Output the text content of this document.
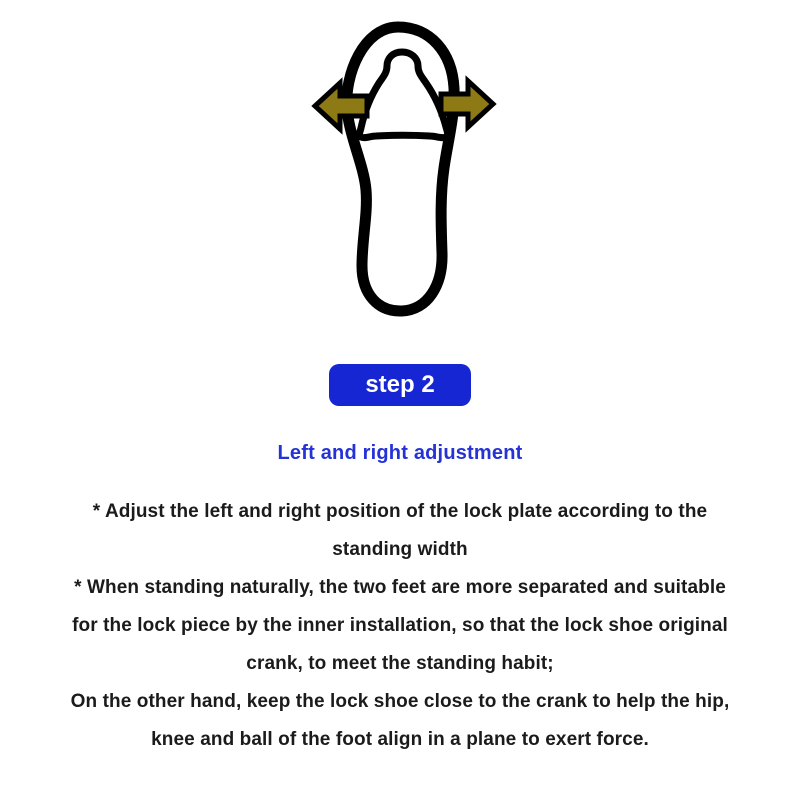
step 2
Left and right adjustment
* Adjust the left and right position of the lock plate according to the
standing width
* When standing naturally, the two feet are more separated and suitable
for the lock piece by the inner installation, so that the lock shoe original
crank, to meet the standing habit;
On the other hand, keep the lock shoe close to the crank to help the hip,
knee and ball of the foot align in a plane to exert force.
